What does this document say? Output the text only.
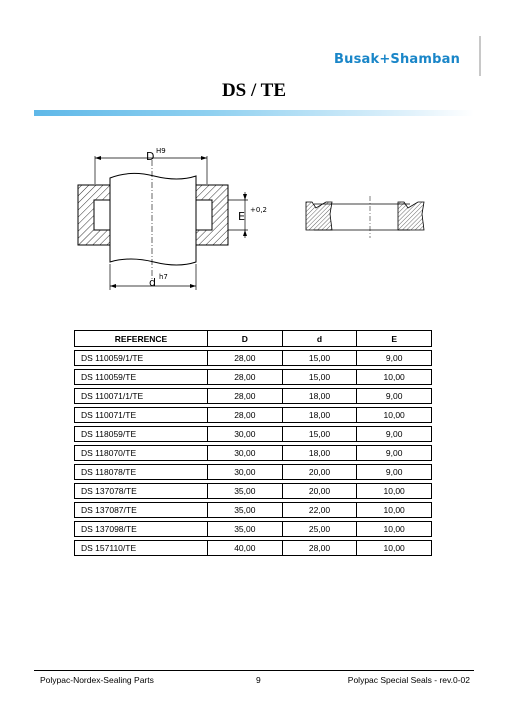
Busak+Shamban
DS / TE
D H9
E +0,2
d h7
REFERENCE	D	d	E

DS 110059/1/TE	28,00	15,00	9,00

DS 110059/TE	28,00	15,00	10,00

DS 110071/1/TE	28,00	18,00	9,00

DS 110071/TE	28,00	18,00	10,00

DS 118059/TE	30,00	15,00	9,00

DS 118070/TE	30,00	18,00	9,00

DS 118078/TE	30,00	20,00	9,00

DS 137078/TE	35,00	20,00	10,00

DS 137087/TE	35,00	22,00	10,00

DS 137098/TE	35,00	25,00	10,00

DS 157110/TE	40,00	28,00	10,00
Polypac-Nordex-Sealing Parts	9	Polypac Special Seals - rev.0-02
